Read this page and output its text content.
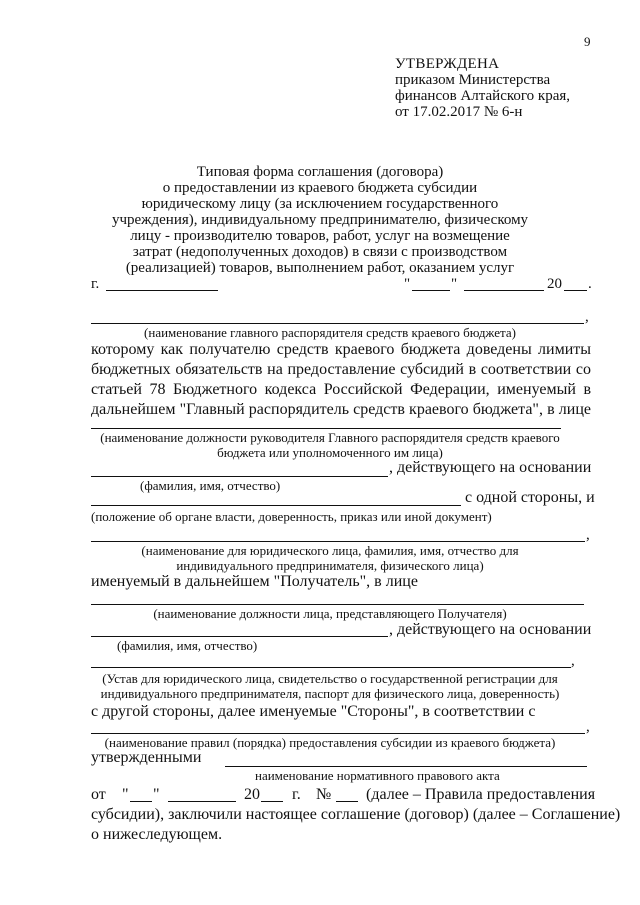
9
УТВЕРЖДЕНА
приказом Министерства
финансов Алтайского края,
от 17.02.2017 № 6-н
Типовая форма соглашения (договора)
о предоставлении из краевого бюджета субсидии
юридическому лицу (за исключением государственного
учреждения), индивидуальному предпринимателю, физическому
лицу - производителю товаров, работ, услуг на возмещение
затрат (недополученных доходов) в связи с производством
(реализацией) товаров, выполнением работ, оказанием услуг
г.	"	"	20 .
,
(наименование главного распорядителя средств краевого бюджета)
которому как получателю средств краевого бюджета доведены лимиты
бюджетных обязательств на предоставление субсидий в соответствии со
статьей 78 Бюджетного кодекса Российской Федерации, именуемый в
дальнейшем "Главный распорядитель средств краевого бюджета", в лице
(наименование должности руководителя Главного распорядителя средств краевого
бюджета или уполномоченного им лица)
, действующего на основании
(фамилия, имя, отчество)
с одной стороны, и
(положение об органе власти, доверенность, приказ или иной документ)
,
(наименование для юридического лица, фамилия, имя, отчество для
индивидуального предпринимателя, физического лица)
именуемый в дальнейшем "Получатель", в лице
(наименование должности лица, представляющего Получателя)
, действующего на основании
(фамилия, имя, отчество)
,
(Устав для юридического лица, свидетельство о государственной регистрации для
индивидуального предпринимателя, паспорт для физического лица, доверенность)
с другой стороны, далее именуемые "Стороны", в соответствии с
,
(наименование правил (порядка) предоставления субсидии из краевого бюджета)
утвержденными
наименование нормативного правового акта
от " "	20 г. № (далее – Правила предоставления
субсидии), заключили настоящее соглашение (договор) (далее – Соглашение)
о нижеследующем.
